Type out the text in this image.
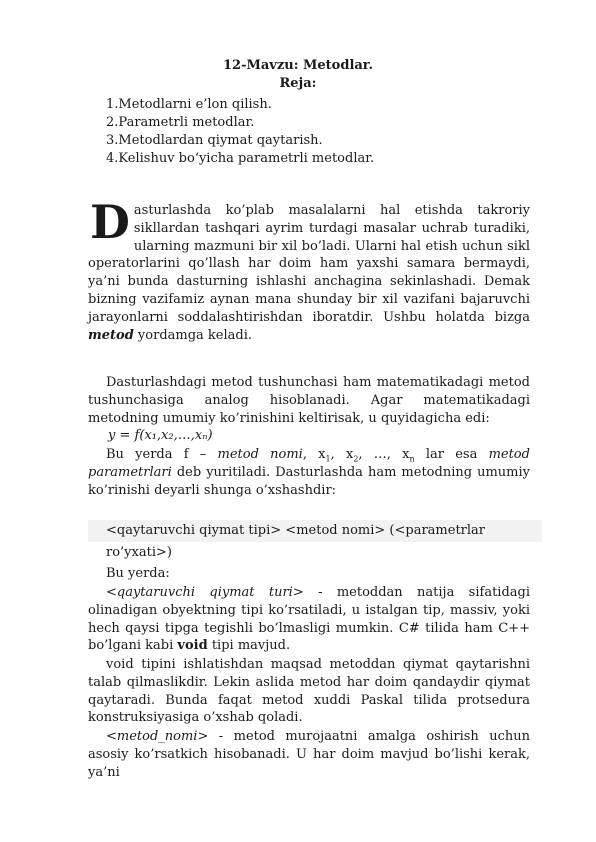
12-Mavzu: Metodlar.
Reja:
1.Metodlarni e’lon qilish.
2.Parametrli metodlar.
3.Metodlardan qiymat qaytarish.
4.Kelishuv bo‘yicha parametrli metodlar.

Dasturlashda ko’plab masalalarni hal etishda takroriy sikllardan tashqari ayrim turdagi masalar uchrab turadiki, ularning mazmuni bir xil bo’ladi. Ularni hal etish uchun sikl operatorlarini qo’llash har doim ham yaxshi samara bermaydi, ya’ni bunda dasturning ishlashi anchagina sekinlashadi. Demak bizning vazifamiz aynan mana shunday bir xil vazifani bajaruvchi jarayonlarni soddalashtirishdan iboratdir. Ushbu holatda bizga metod yordamga keladi.

Dasturlashdagi metod tushunchasi ham matematikadagi metod tushunchasiga analog hisoblanadi. Agar matematikadagi metodning umumiy ko’rinishini keltirisak, u quyidagicha edi:

y = f(x₁,x₂,…,xₙ)

Bu yerda f – metod nomi, $x_1$, $x_2$, …, $x_n$ lar esa metod parametrlari deb yuritiladi. Dasturlashda ham metodning umumiy ko’rinishi deyarli shunga o’xshashdir:

<qaytaruvchi qiymat tipi> <metod nomi> (<parametrlar ro’yxati>)
Bu yerda:

<qaytaruvchi qiymat turi> - metoddan natija sifatidagi olinadigan obyektning tipi ko’rsatiladi, u istalgan tip, massiv, yoki hech qaysi tipga tegishli bo’lmasligi mumkin. C# tilida ham C++ bo’lgani kabi void tipi mavjud.

void tipini ishlatishdan maqsad metoddan qiymat qaytarishni talab qilmaslikdir. Lekin aslida metod har doim qandaydir qiymat qaytaradi. Bunda faqat metod xuddi Paskal tilida protsedura konstruksiyasiga o’xshab qoladi.

<metod_nomi> - metod murojaatni amalga oshirish uchun asosiy ko’rsatkich hisobanadi. U har doim mavjud bo’lishi kerak, ya’ni
